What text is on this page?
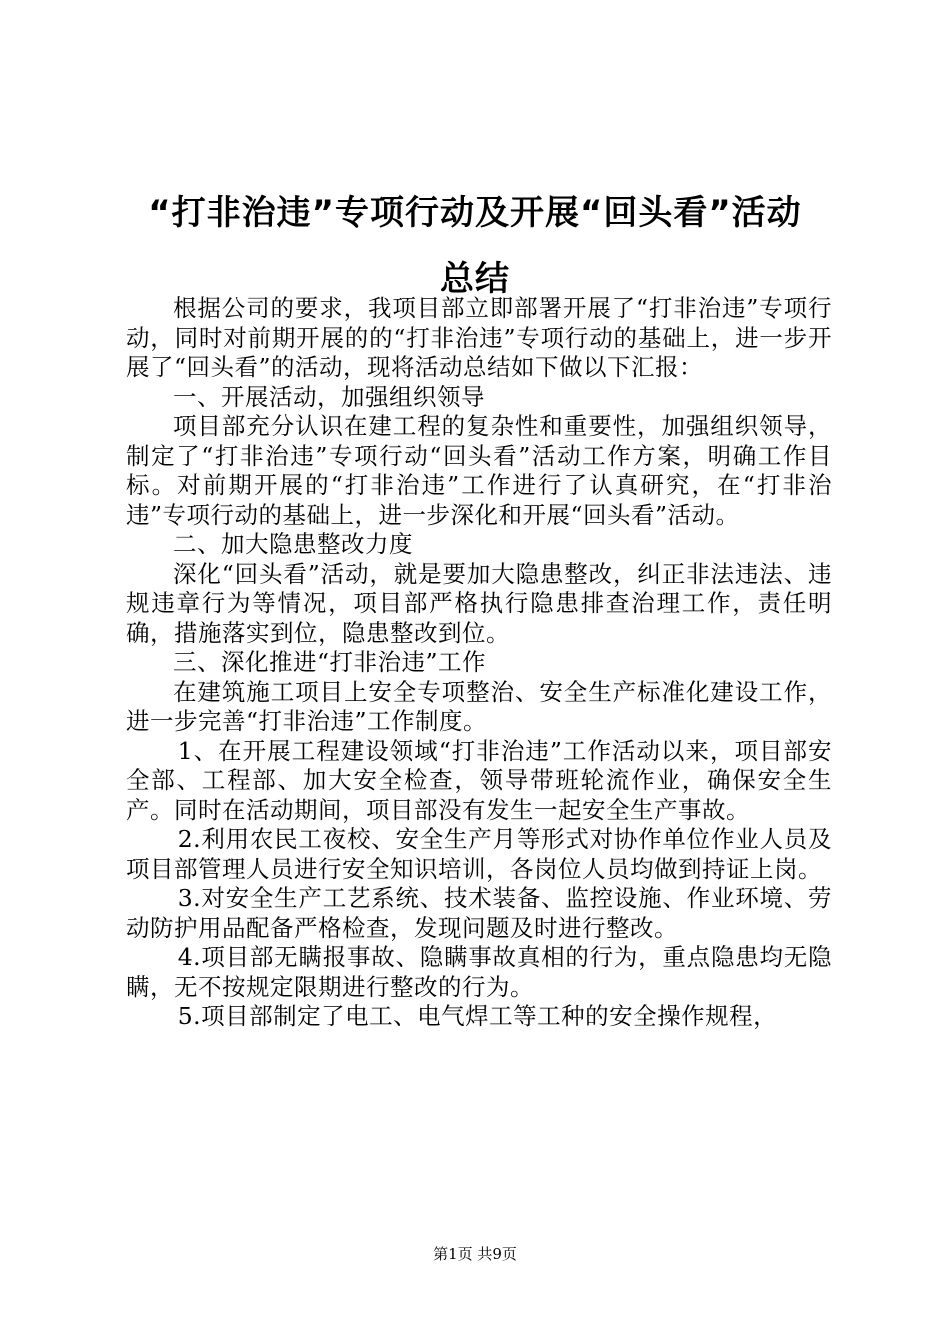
“打非治违”专项行动及开展“回头看”活动
总结

根据公司的要求，我项目部立即部署开展了“打非治违”专项行动，同时对前期开展的的“打非治违”专项行动的基础上，进一步开展了“回头看”的活动，现将活动总结如下做以下汇报：

一、开展活动，加强组织领导

项目部充分认识在建工程的复杂性和重要性，加强组织领导，制定了“打非治违”专项行动“回头看”活动工作方案，明确工作目标。对前期开展的“打非治违”工作进行了认真研究，在“打非治违”专项行动的基础上，进一步深化和开展“回头看”活动。

二、加大隐患整改力度

深化“回头看”活动，就是要加大隐患整改，纠正非法违法、违规违章行为等情况，项目部严格执行隐患排查治理工作，责任明确，措施落实到位，隐患整改到位。

三、深化推进“打非治违”工作

在建筑施工项目上安全专项整治、安全生产标准化建设工作，进一步完善“打非治违”工作制度。

1、在开展工程建设领域“打非治违”工作活动以来，项目部安全部、工程部、加大安全检查，领导带班轮流作业，确保安全生产。同时在活动期间，项目部没有发生一起安全生产事故。

2.利用农民工夜校、安全生产月等形式对协作单位作业人员及项目部管理人员进行安全知识培训，各岗位人员均做到持证上岗。

3.对安全生产工艺系统、技术装备、监控设施、作业环境、劳动防护用品配备严格检查，发现问题及时进行整改。

4.项目部无瞒报事故、隐瞒事故真相的行为，重点隐患均无隐瞒，无不按规定限期进行整改的行为。

5.项目部制定了电工、电气焊工等工种的安全操作规程，

第1页 共9页
